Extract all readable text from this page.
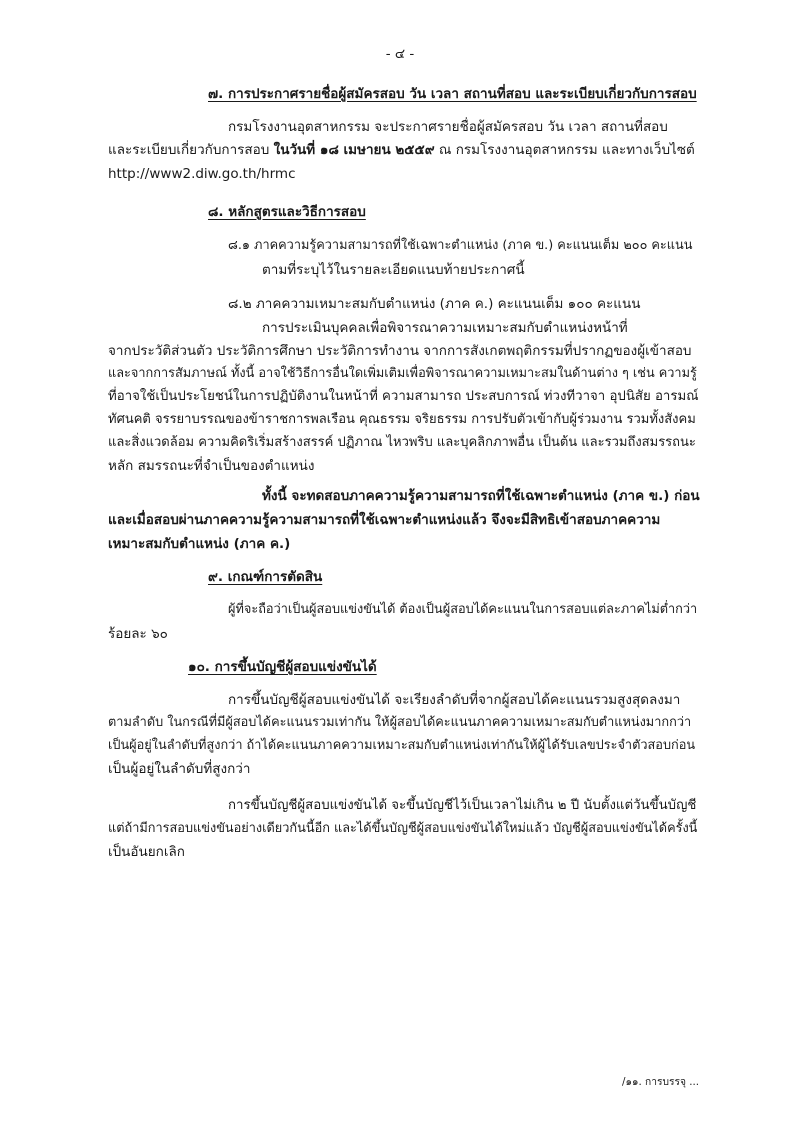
- ๔ -
๗. การประกาศรายชื่อผู้สมัครสอบ วัน เวลา สถานที่สอบ และระเบียบเกี่ยวกับการสอบ
กรมโรงงานอุตสาหกรรม จะประกาศรายชื่อผู้สมัครสอบ วัน เวลา สถานที่สอบ
และระเบียบเกี่ยวกับการสอบ ในวันที่ ๑๘ เมษายน ๒๕๕๙ ณ กรมโรงงานอุตสาหกรรม และทางเว็บไซต์
http://www2.diw.go.th/hrmc
๘. หลักสูตรและวิธีการสอบ
๘.๑ ภาคความรู้ความสามารถที่ใช้เฉพาะตำแหน่ง (ภาค ข.) คะแนนเต็ม ๒๐๐ คะแนน
ตามที่ระบุไว้ในรายละเอียดแนบท้ายประกาศนี้
๘.๒ ภาคความเหมาะสมกับตำแหน่ง (ภาค ค.) คะแนนเต็ม ๑๐๐ คะแนน
การประเมินบุคคลเพื่อพิจารณาความเหมาะสมกับตำแหน่งหน้าที่
จากประวัติส่วนตัว ประวัติการศึกษา ประวัติการทำงาน จากการสังเกตพฤติกรรมที่ปรากฏของผู้เข้าสอบ
และจากการสัมภาษณ์ ทั้งนี้ อาจใช้วิธีการอื่นใดเพิ่มเติมเพื่อพิจารณาความเหมาะสมในด้านต่าง ๆ เช่น ความรู้
ที่อาจใช้เป็นประโยชน์ในการปฏิบัติงานในหน้าที่ ความสามารถ ประสบการณ์ ท่วงทีวาจา อุปนิสัย อารมณ์
ทัศนคติ จรรยาบรรณของข้าราชการพลเรือน คุณธรรม จริยธรรม การปรับตัวเข้ากับผู้ร่วมงาน รวมทั้งสังคม
และสิ่งแวดล้อม ความคิดริเริ่มสร้างสรรค์ ปฏิภาณ ไหวพริบ และบุคลิกภาพอื่น เป็นต้น และรวมถึงสมรรถนะ
หลัก สมรรถนะที่จำเป็นของตำแหน่ง
ทั้งนี้ จะทดสอบภาคความรู้ความสามารถที่ใช้เฉพาะตำแหน่ง (ภาค ข.) ก่อน
และเมื่อสอบผ่านภาคความรู้ความสามารถที่ใช้เฉพาะตำแหน่งแล้ว จึงจะมีสิทธิเข้าสอบภาคความ
เหมาะสมกับตำแหน่ง (ภาค ค.)
๙. เกณฑ์การตัดสิน
ผู้ที่จะถือว่าเป็นผู้สอบแข่งขันได้ ต้องเป็นผู้สอบได้คะแนนในการสอบแต่ละภาคไม่ต่ำกว่า
ร้อยละ ๖๐
๑๐. การขึ้นบัญชีผู้สอบแข่งขันได้
การขึ้นบัญชีผู้สอบแข่งขันได้ จะเรียงลำดับที่จากผู้สอบได้คะแนนรวมสูงสุดลงมา
ตามลำดับ ในกรณีที่มีผู้สอบได้คะแนนรวมเท่ากัน ให้ผู้สอบได้คะแนนภาคความเหมาะสมกับตำแหน่งมากกว่า
เป็นผู้อยู่ในลำดับที่สูงกว่า ถ้าได้คะแนนภาคความเหมาะสมกับตำแหน่งเท่ากันให้ผู้ได้รับเลขประจำตัวสอบก่อน
เป็นผู้อยู่ในลำดับที่สูงกว่า
การขึ้นบัญชีผู้สอบแข่งขันได้ จะขึ้นบัญชีไว้เป็นเวลาไม่เกิน ๒ ปี นับตั้งแต่วันขึ้นบัญชี
แต่ถ้ามีการสอบแข่งขันอย่างเดียวกันนี้อีก และได้ขึ้นบัญชีผู้สอบแข่งขันได้ใหม่แล้ว บัญชีผู้สอบแข่งขันได้ครั้งนี้
เป็นอันยกเลิก
/๑๑. การบรรจุ ...
